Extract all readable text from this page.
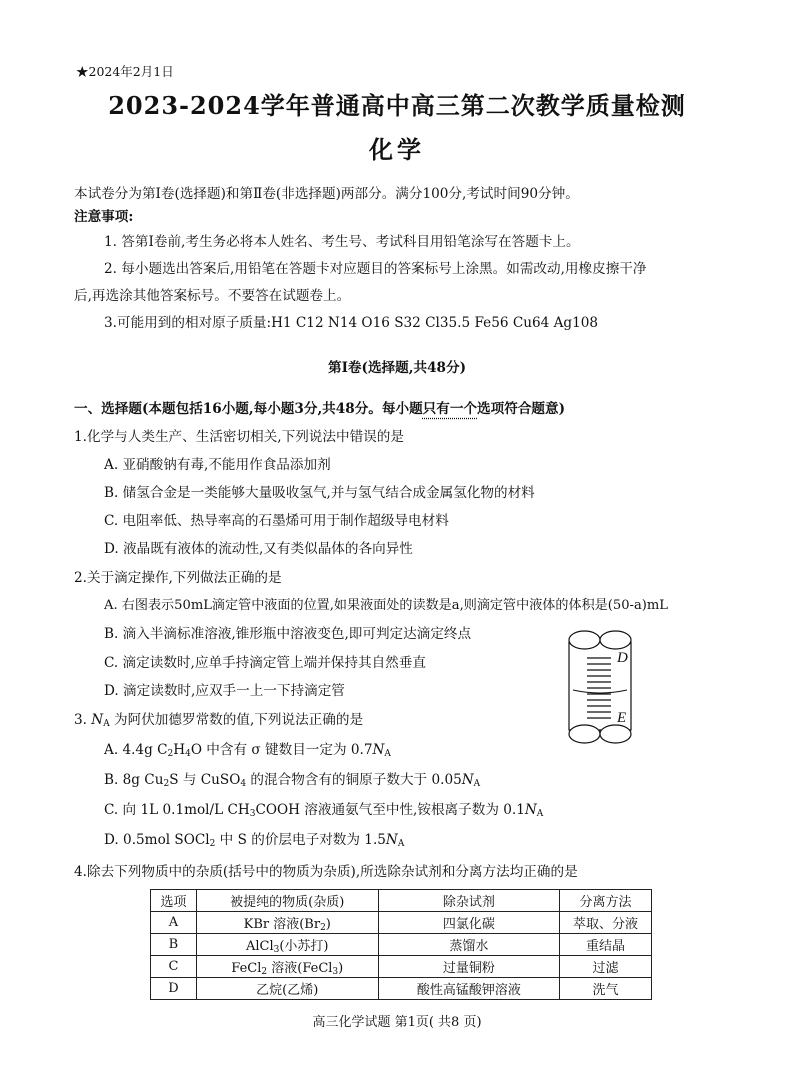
★2024年2月1日
2023-2024学年普通高中高三第二次教学质量检测
化学
本试卷分为第Ⅰ卷(选择题)和第Ⅱ卷(非选择题)两部分。满分100分,考试时间90分钟。
注意事项:
1. 答第Ⅰ卷前,考生务必将本人姓名、考生号、考试科目用铅笔涂写在答题卡上。
2. 每小题选出答案后,用铅笔在答题卡对应题目的答案标号上涂黑。如需改动,用橡皮擦干净
后,再选涂其他答案标号。不要答在试题卷上。
3.可能用到的相对原子质量:H1 C12 N14 O16 S32 Cl35.5 Fe56 Cu64 Ag108
第Ⅰ卷(选择题,共48分)
一、选择题(本题包括16小题,每小题3分,共48分。每小题只有一个选项符合题意)
1.化学与人类生产、生活密切相关,下列说法中错误的是
A. 亚硝酸钠有毒,不能用作食品添加剂
B. 储氢合金是一类能够大量吸收氢气,并与氢气结合成金属氢化物的材料
C. 电阻率低、热导率高的石墨烯可用于制作超级导电材料
D. 液晶既有液体的流动性,又有类似晶体的各向异性
2.关于滴定操作,下列做法正确的是
A. 右图表示50mL滴定管中液面的位置,如果液面处的读数是a,则滴定管中液体的体积是(50-a)mL
B. 滴入半滴标准溶液,锥形瓶中溶液变色,即可判定达滴定终点
C. 滴定读数时,应单手持滴定管上端并保持其自然垂直
D. 滴定读数时,应双手一上一下持滴定管
D
E
3. $N_A$ 为阿伏加德罗常数的值,下列说法正确的是
A. 4.4g $C_2H_4O$ 中含有 σ 键数目一定为 $0.7N_A$
B. 8g $Cu_2S$ 与 CuSO$_4$ 的混合物含有的铜原子数大于 $0.05N_A$
C. 向 1L 0.1mol/L $CH_3COOH$ 溶液通氨气至中性,铵根离子数为 $0.1N_A$
D. 0.5mol SOCl$_2$ 中 S 的价层电子对数为 $1.5N_A$
4.除去下列物质中的杂质(括号中的物质为杂质),所选除杂试剂和分离方法均正确的是
选项	被提纯的物质(杂质)	除杂试剂	分离方法
A	KBr 溶液$(Br_2)$	四氯化碳	萃取、分液
B	AlCl$_3$(小苏打)	蒸馏水	重结晶
C	FeCl$_2$ 溶液(FeCl$_3$)	过量铜粉	过滤
D	乙烷(乙烯)	酸性高锰酸钾溶液	洗气
高三化学试题 第1页( 共8 页)
